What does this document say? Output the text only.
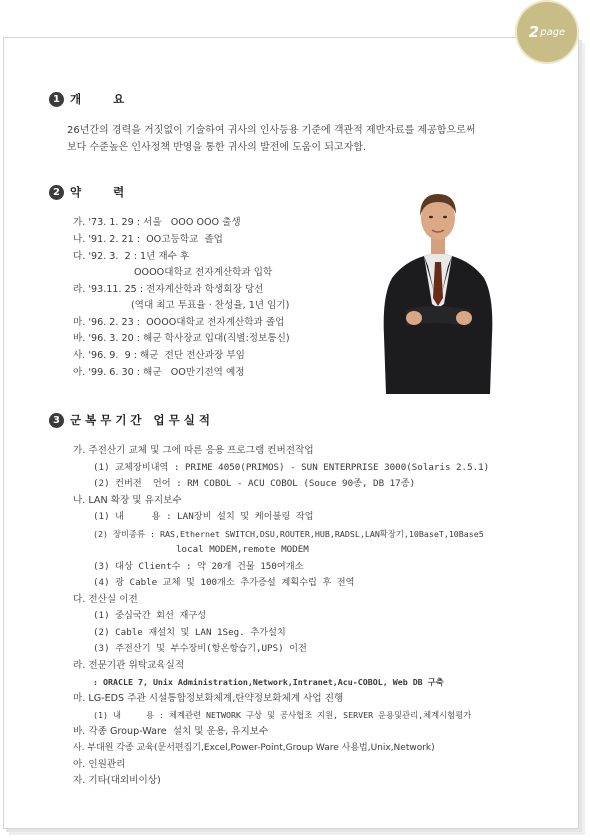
2 page
1 개 요
26년간의 경력을 거짓없이 기술하여 귀사의 인사등용 기준에 객관적 제반자료를 제공함으로써
보다 수준높은 인사정책 반영을 통한 귀사의 발전에 도움이 되고자함.
2 약 력
가. '73. 1. 29 : 서울   OOO OOO 출생
나. '91. 2. 21 :  OO고등학교  졸업
다. '92. 3.  2 : 1년 재수 후
OOOO대학교 전자계산학과 입학
라. '93.11. 25 : 전자계산학과 학생회장 당선
(역대 최고 투표율 · 찬성율, 1년 임기)
마. '96. 2. 23 :  OOOO대학교 전자계산학과 졸업
바. '96. 3. 20 : 해군 학사장교 입대(직별:정보통신)
사. '96. 9.  9 : 해군  전단 전산과장 부임
아. '99. 6. 30 : 해군   OO만기전역 예정
3 군복무기간 업무실적
가. 주전산기 교체 및 그에 따른 응용 프로그램 컨버전작업
(1) 교체장비내역 : PRIME 4050(PRIMOS) - SUN ENTERPRISE 3000(Solaris 2.5.1)
(2) 컨버전  언어 : RM COBOL - ACU COBOL (Souce 90종, DB 17종)
나. LAN 확장 및 유지보수
(1) 내     용 : LAN장비 설치 및 케이블링 작업
(2) 장비종류 : RAS,Ethernet SWITCH,DSU,ROUTER,HUB,RADSL,LAN확장기,10BaseT,10Base5
local MODEM,remote MODEM
(3) 대상 Client수 : 약 20개 건물 150여개소
(4) 광 Cable 교체 및 100개소 추가증설 계획수립 후 전역
다. 전산실 이전
(1) 중심국간 회선 재구성
(2) Cable 재설치 및 LAN 1Seg. 추가설치
(3) 주전산기 및 부수장비(항온항습기,UPS) 이전
라. 전문기관 위탁교육실적
: ORACLE 7, Unix Administration,Network,Intranet,Acu-COBOL, Web DB 구축
마. LG-EDS 주관 시설통합정보화체계,탄약정보화체계 사업 진행
(1) 내     용 : 체계관련 NETWORK 구상 및 공사협조 지원, SERVER 운용및관리,체계시험평가
바. 각종 Group-Ware  설치 및 운용, 유지보수
사. 부대원 각종 교육(문서편집기,Excel,Power-Point,Group Ware 사용법,Unix,Network)
아. 인원관리
자. 기타(대외비이상)
